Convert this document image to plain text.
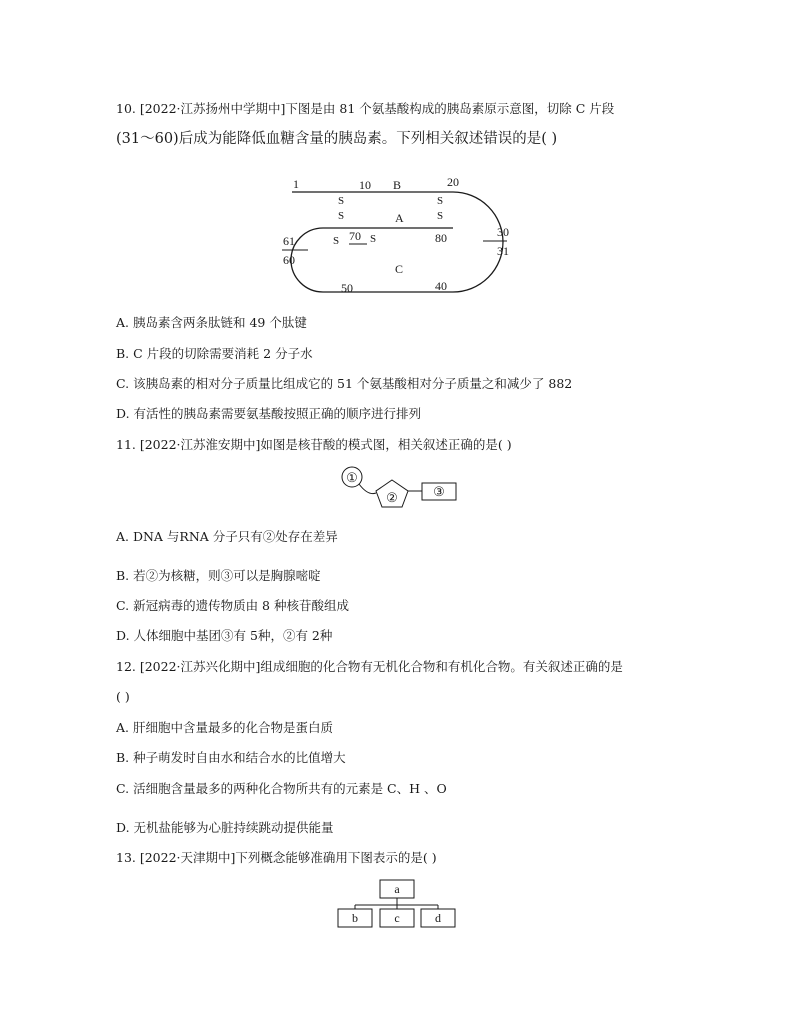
10. [2022·江苏扬州中学期中]下图是由 81 个氨基酸构成的胰岛素原示意图，切除 C 片段
(31～60)后成为能降低血糖含量的胰岛素。下列相关叙述错误的是( )
1	10 B	20
S
S
S
S
A
70	80
S	S
61
60
30
31
C
50	40
A. 胰岛素含两条肽链和 49 个肽键
B. C 片段的切除需要消耗 2 分子水
C. 该胰岛素的相对分子质量比组成它的 51 个氨基酸相对分子质量之和减少了 882
D. 有活性的胰岛素需要氨基酸按照正确的顺序进行排列
11. [2022·江苏淮安期中]如图是核苷酸的模式图，相关叙述正确的是( )
①
②	③
A. DNA 与RNA 分子只有②处存在差异
B. 若②为核糖，则③可以是胸腺嘧啶
C. 新冠病毒的遗传物质由 8 种核苷酸组成
D. 人体细胞中基团③有 5种，②有 2种
12. [2022·江苏兴化期中]组成细胞的化合物有无机化合物和有机化合物。有关叙述正确的是
( )
A. 肝细胞中含量最多的化合物是蛋白质
B. 种子萌发时自由水和结合水的比值增大
C. 活细胞含量最多的两种化合物所共有的元素是 C、H 、O
D. 无机盐能够为心脏持续跳动提供能量
13. [2022·天津期中]下列概念能够准确用下图表示的是( )
a
b	c	d
